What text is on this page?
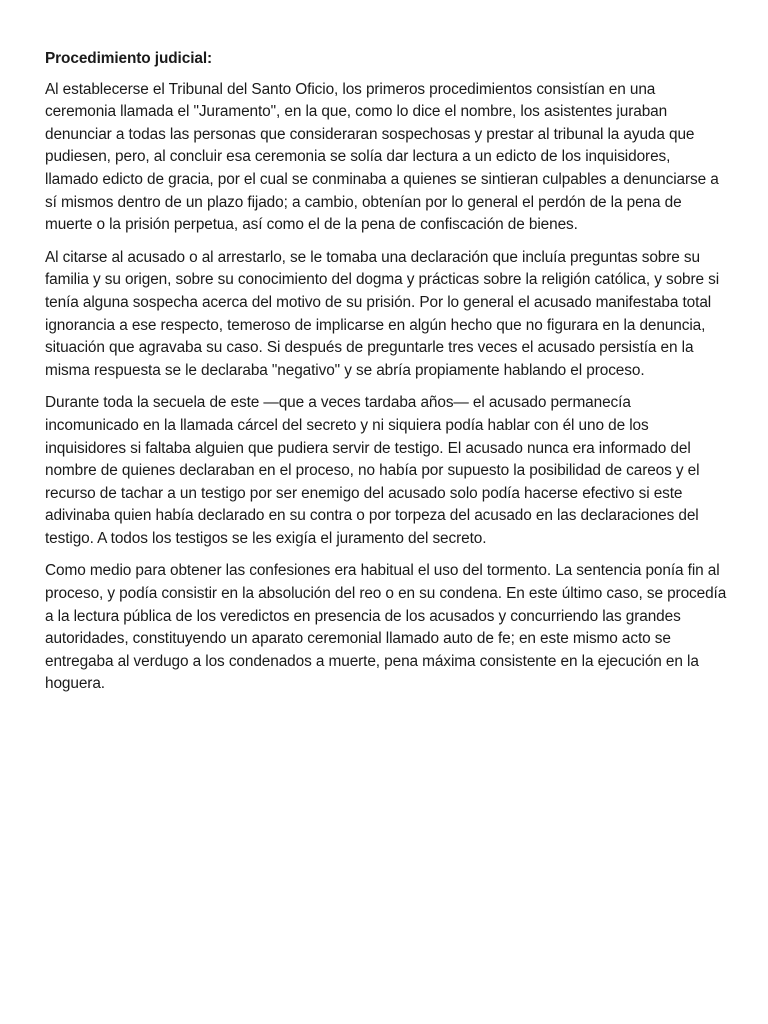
Procedimiento judicial:

Al establecerse el Tribunal del Santo Oficio, los primeros procedimientos consistían en una ceremonia llamada el "Juramento", en la que, como lo dice el nombre, los asistentes juraban denunciar a todas las personas que consideraran sospechosas y prestar al tribunal la ayuda que pudiesen, pero, al concluir esa ceremonia se solía dar lectura a un edicto de los inquisidores, llamado edicto de gracia, por el cual se conminaba a quienes se sintieran culpables a denunciarse a sí mismos dentro de un plazo fijado; a cambio, obtenían por lo general el perdón de la pena de muerte o la prisión perpetua, así como el de la pena de confiscación de bienes.

Al citarse al acusado o al arrestarlo, se le tomaba una declaración que incluía preguntas sobre su familia y su origen, sobre su conocimiento del dogma y prácticas sobre la religión católica, y sobre si tenía alguna sospecha acerca del motivo de su prisión. Por lo general el acusado manifestaba total ignorancia a ese respecto, temeroso de implicarse en algún hecho que no figurara en la denuncia, situación que agravaba su caso. Si después de preguntarle tres veces el acusado persistía en la misma respuesta se le declaraba "negativo" y se abría propiamente hablando el proceso.

Durante toda la secuela de este —que a veces tardaba años— el acusado permanecía incomunicado en la llamada cárcel del secreto y ni siquiera podía hablar con él uno de los inquisidores si faltaba alguien que pudiera servir de testigo. El acusado nunca era informado del nombre de quienes declaraban en el proceso, no había por supuesto la posibilidad de careos y el recurso de tachar a un testigo por ser enemigo del acusado solo podía hacerse efectivo si este adivinaba quien había declarado en su contra o por torpeza del acusado en las declaraciones del testigo. A todos los testigos se les exigía el juramento del secreto.

Como medio para obtener las confesiones era habitual el uso del tormento. La sentencia ponía fin al proceso, y podía consistir en la absolución del reo o en su condena. En este último caso, se procedía a la lectura pública de los veredictos en presencia de los acusados y concurriendo las grandes autoridades, constituyendo un aparato ceremonial llamado auto de fe; en este mismo acto se entregaba al verdugo a los condenados a muerte, pena máxima consistente en la ejecución en la hoguera.
